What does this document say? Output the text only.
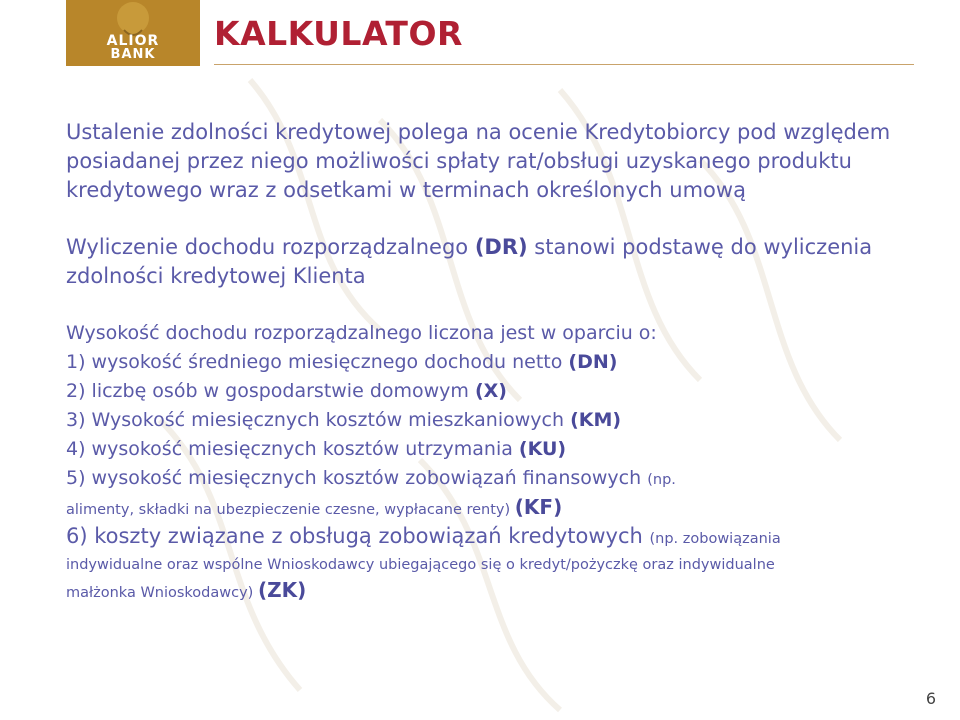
ALIOR
BANK
KALKULATOR
Ustalenie zdolności kredytowej polega na ocenie Kredytobiorcy pod względem posiadanej przez niego możliwości spłaty rat/obsługi uzyskanego produktu kredytowego wraz z odsetkami w terminach określonych umową
Wyliczenie dochodu rozporządzalnego (DR) stanowi podstawę do wyliczenia zdolności kredytowej Klienta
Wysokość dochodu rozporządzalnego liczona jest w oparciu o:
1) wysokość średniego miesięcznego dochodu netto (DN)
2) liczbę osób w gospodarstwie domowym (X)
3) Wysokość miesięcznych kosztów mieszkaniowych (KM)
4) wysokość miesięcznych kosztów utrzymania (KU)
5) wysokość miesięcznych kosztów zobowiązań finansowych (np.
alimenty, składki na ubezpieczenie czesne, wypłacane renty) (KF)
6) koszty związane z obsługą zobowiązań kredytowych (np. zobowiązania
indywidualne oraz wspólne Wnioskodawcy ubiegającego się o kredyt/pożyczkę oraz indywidualne
małżonka Wnioskodawcy) (ZK)
6
